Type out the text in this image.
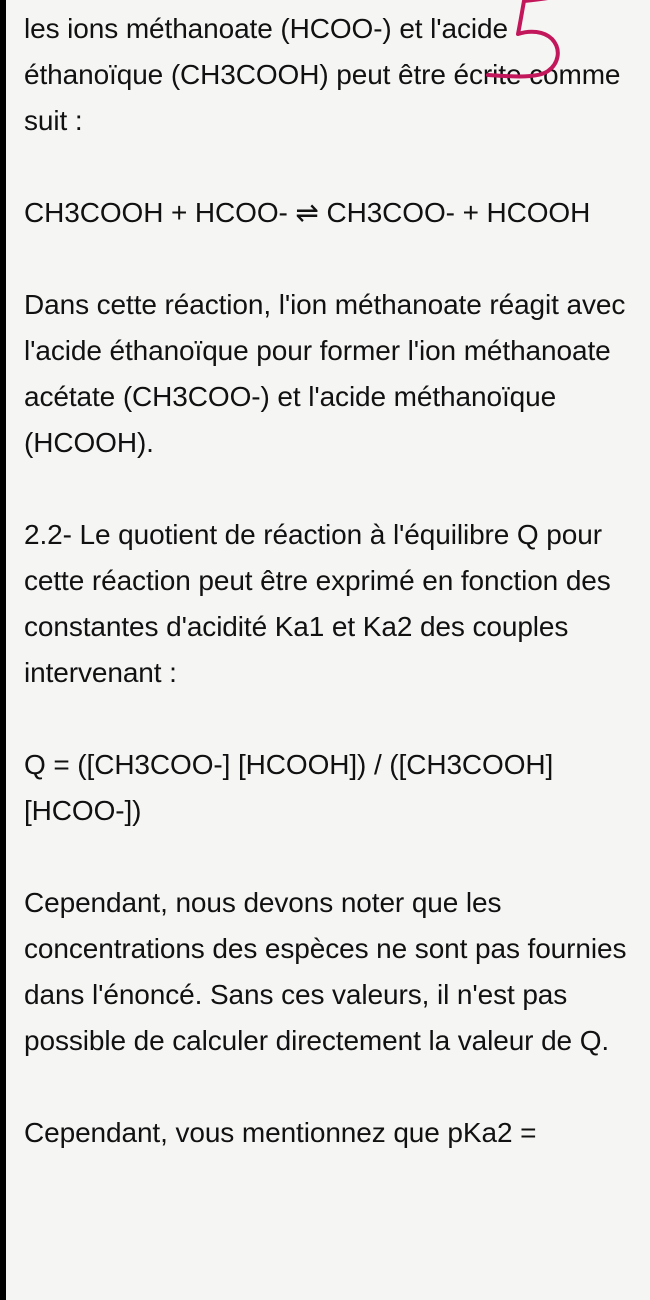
les ions méthanoate (HCOO-) et l'acide éthanoïque (CH3COOH) peut être écrite comme suit :

CH3COOH + HCOO- ⇌ CH3COO- + HCOOH

Dans cette réaction, l'ion méthanoate réagit avec l'acide éthanoïque pour former l'ion méthanoate acétate (CH3COO-) et l'acide méthanoïque (HCOOH).

2.2- Le quotient de réaction à l'équilibre Q pour cette réaction peut être exprimé en fonction des constantes d'acidité Ka1 et Ka2 des couples intervenant :

Q = ([CH3COO-] [HCOOH]) / ([CH3COOH] [HCOO-])

Cependant, nous devons noter que les concentrations des espèces ne sont pas fournies dans l'énoncé. Sans ces valeurs, il n'est pas possible de calculer directement la valeur de Q.

Cependant, vous mentionnez que pKa2 =
